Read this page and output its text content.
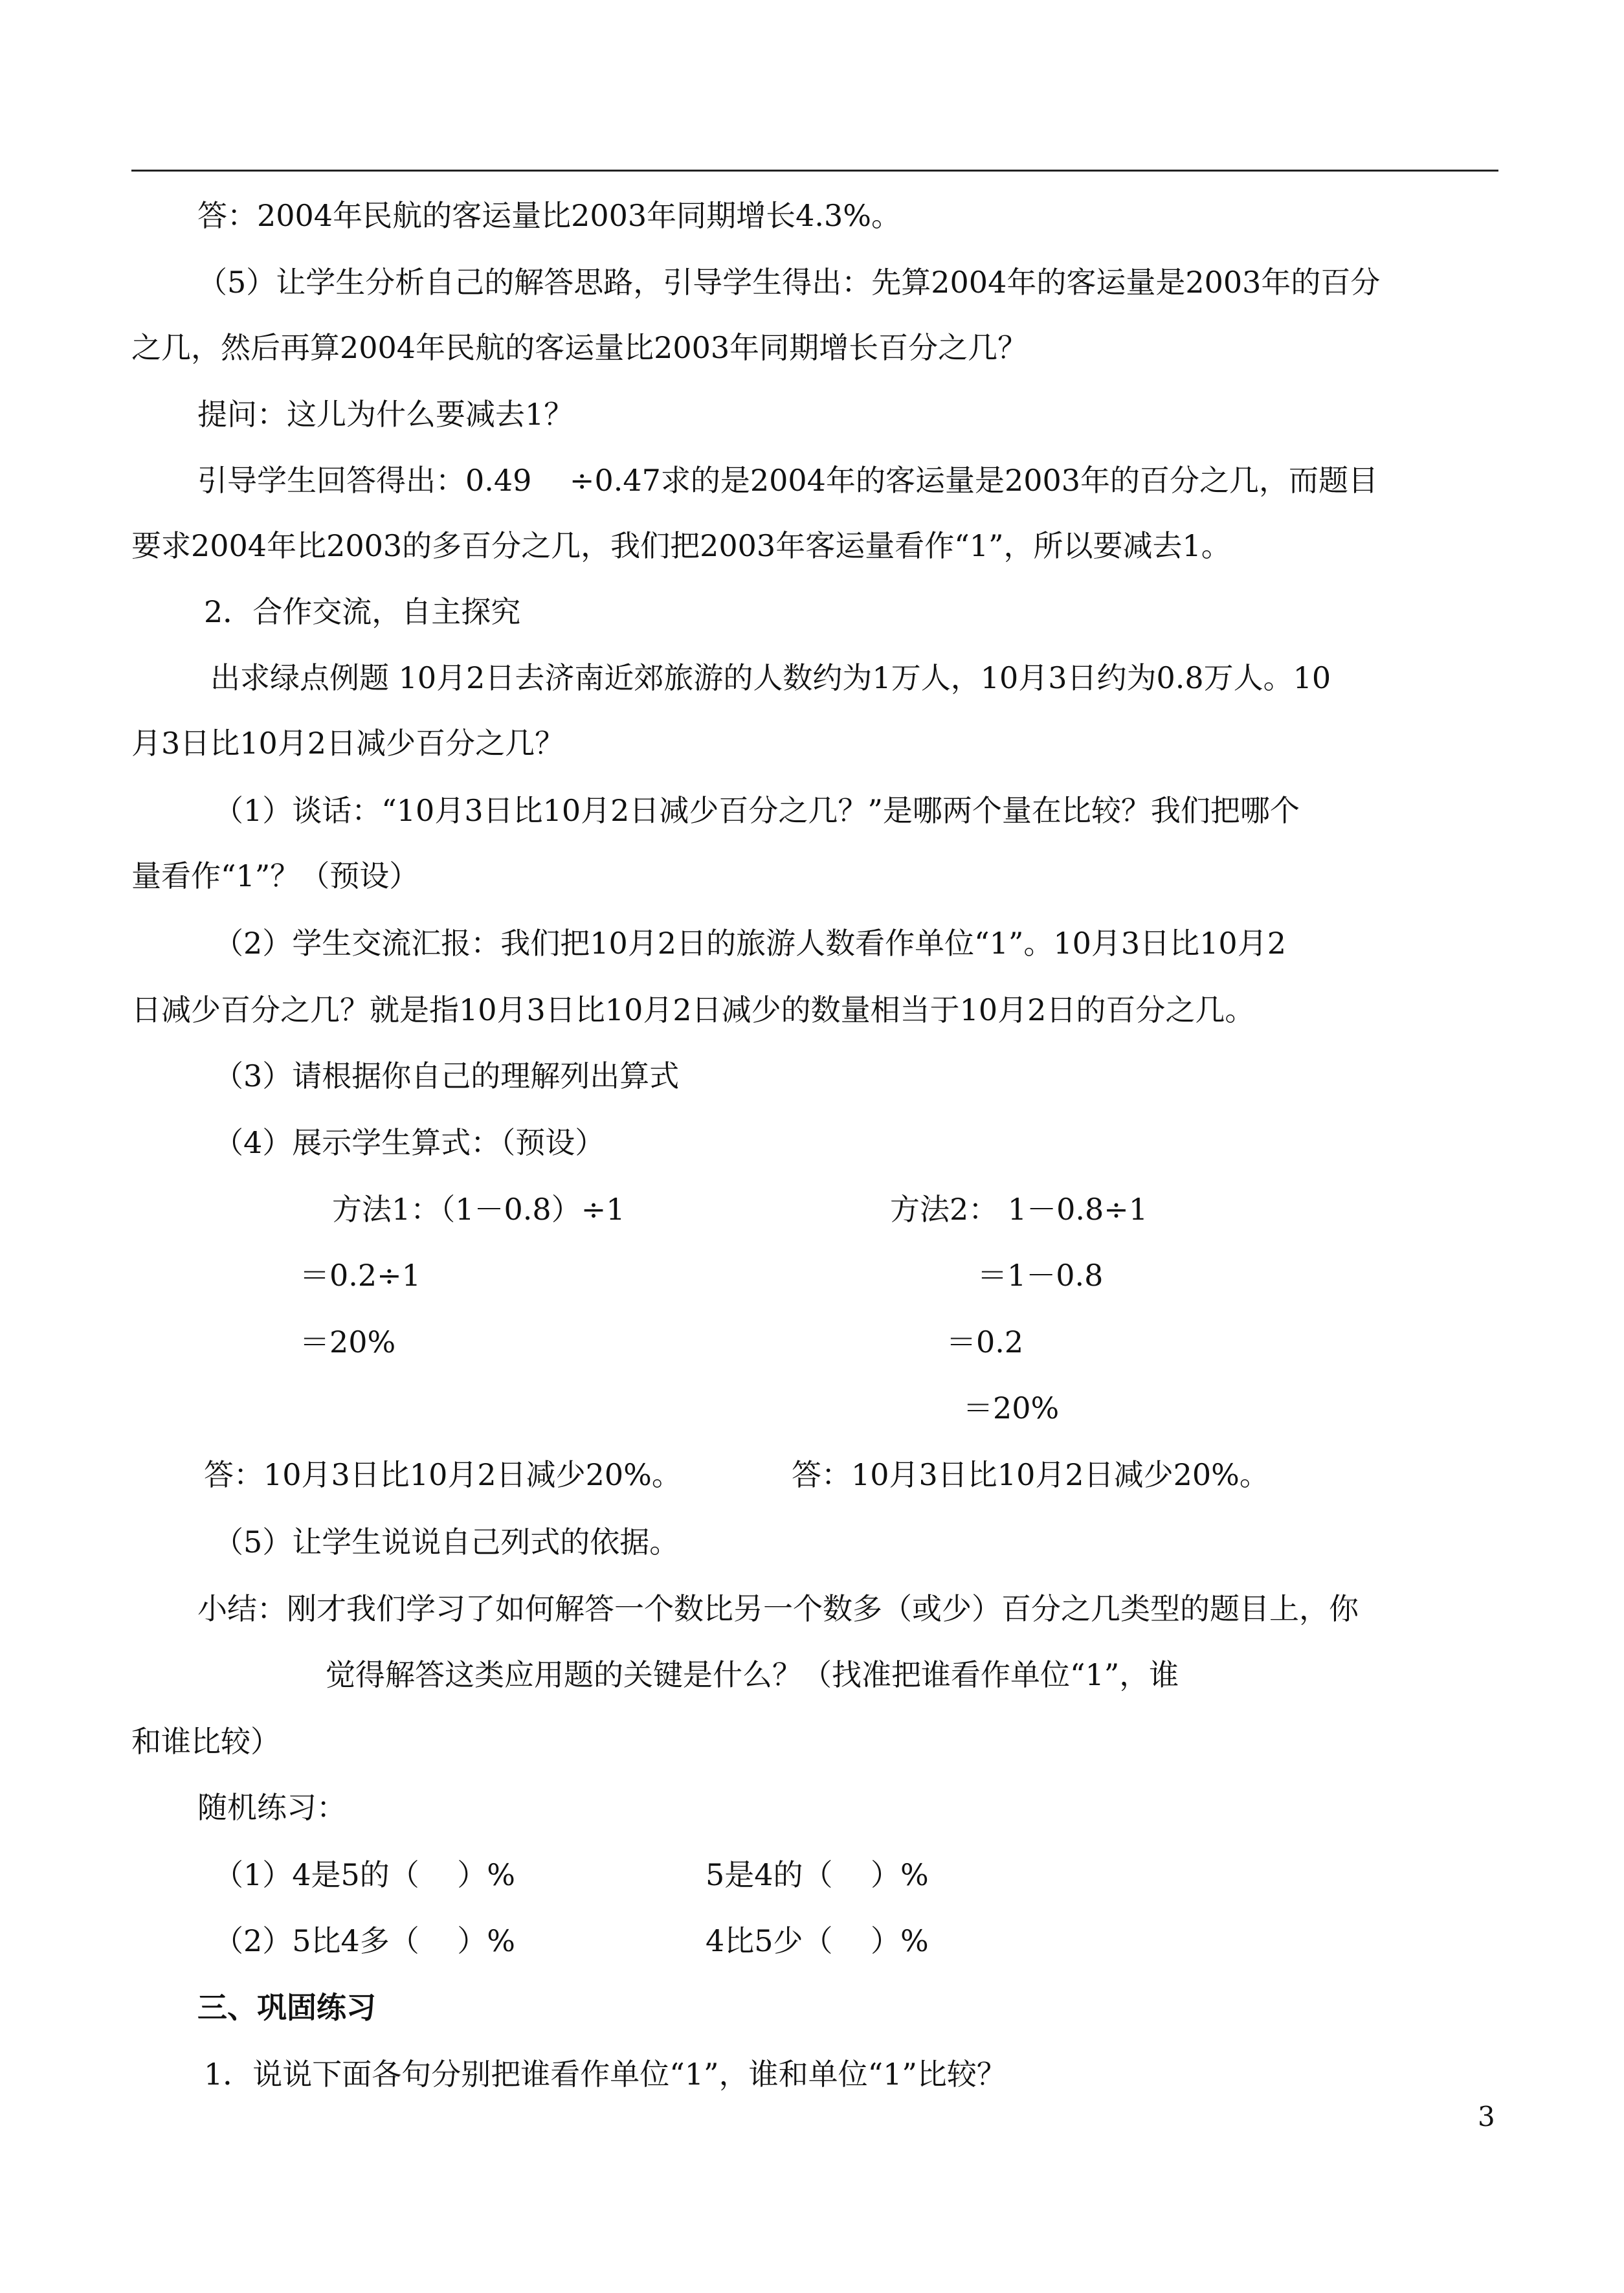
答：2004年民航的客运量比2003年同期增长4.3%。
（5）让学生分析自己的解答思路，引导学生得出：先算2004年的客运量是2003年的百分
之几，然后再算2004年民航的客运量比2003年同期增长百分之几？
提问：这儿为什么要减去1？
引导学生回答得出：0.49    ÷0.47求的是2004年的客运量是2003年的百分之几，而题目
要求2004年比2003的多百分之几，我们把2003年客运量看作“1”，所以要减去1。
2．合作交流，自主探究
出求绿点例题 10月2日去济南近郊旅游的人数约为1万人，10月3日约为0.8万人。10
月3日比10月2日减少百分之几？
（1）谈话：“10月3日比10月2日减少百分之几？”是哪两个量在比较？我们把哪个
量看作“1”？（预设）
（2）学生交流汇报：我们把10月2日的旅游人数看作单位“1”。10月3日比10月2
日减少百分之几？就是指10月3日比10月2日减少的数量相当于10月2日的百分之几。
（3）请根据你自己的理解列出算式
（4）展示学生算式：（预设）
方法1：（1－0.8）÷1
＝0.2÷1
＝20%
方法2： 1－0.8÷1
＝1－0.8
＝0.2
＝20%
答：10月3日比10月2日减少20%。	答：10月3日比10月2日减少20%。
（5）让学生说说自己列式的依据。
小结：刚才我们学习了如何解答一个数比另一个数多（或少）百分之几类型的题目上，你
觉得解答这类应用题的关键是什么？（找准把谁看作单位“1”，谁
和谁比较）
随机练习：
（1）4是5的（    ）%	5是4的（    ）%
（2）5比4多（    ）%	4比5少（    ）%
三、巩固练习
1．说说下面各句分别把谁看作单位“1”，谁和单位“1”比较？
3
